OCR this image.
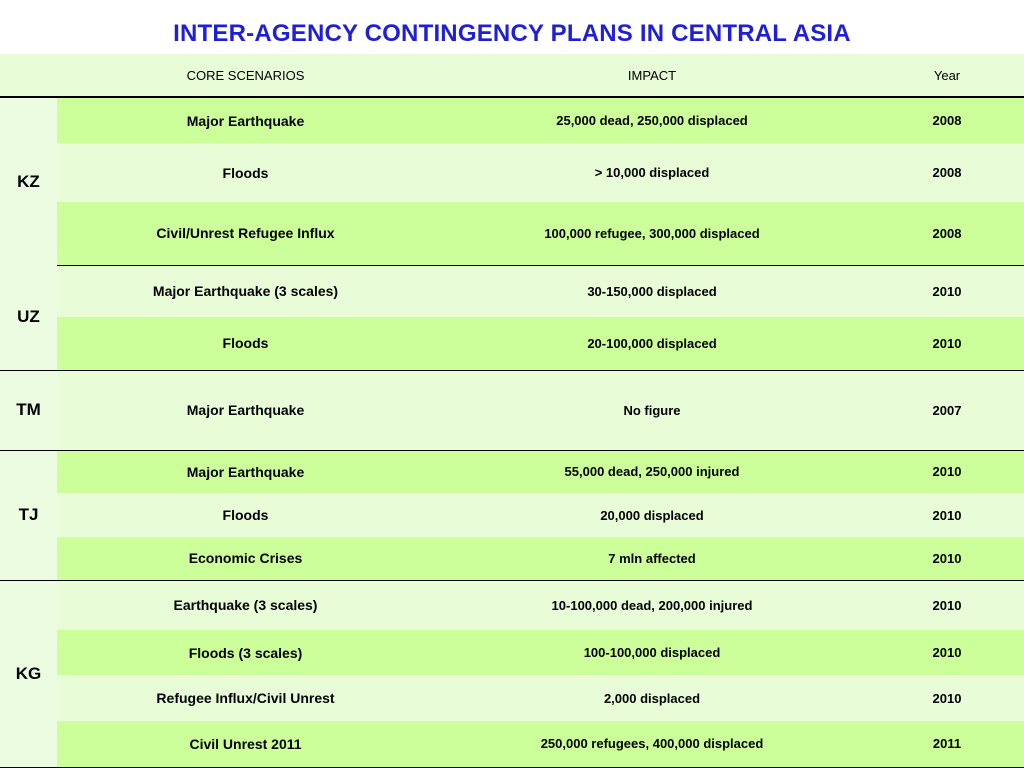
INTER-AGENCY CONTINGENCY PLANS IN CENTRAL ASIA
	CORE SCENARIOS	IMPACT	Year
KZ	Major Earthquake	25,000 dead, 250,000 displaced	2008
	Floods	> 10,000 displaced	2008
	Civil/Unrest Refugee Influx	100,000 refugee, 300,000 displaced	2008
UZ	Major Earthquake (3 scales)	30-150,000 displaced	2010
	Floods	20-100,000 displaced	2010
TM	Major Earthquake	No figure	2007
TJ	Major Earthquake	55,000 dead, 250,000 injured	2010
	Floods	20,000 displaced	2010
	Economic Crises	7 mln affected	2010
KG	Earthquake (3 scales)	10-100,000 dead, 200,000 injured	2010
	Floods (3 scales)	100-100,000 displaced	2010
	Refugee Influx/Civil Unrest	2,000 displaced	2010
	Civil Unrest 2011	250,000 refugees, 400,000 displaced	2011
